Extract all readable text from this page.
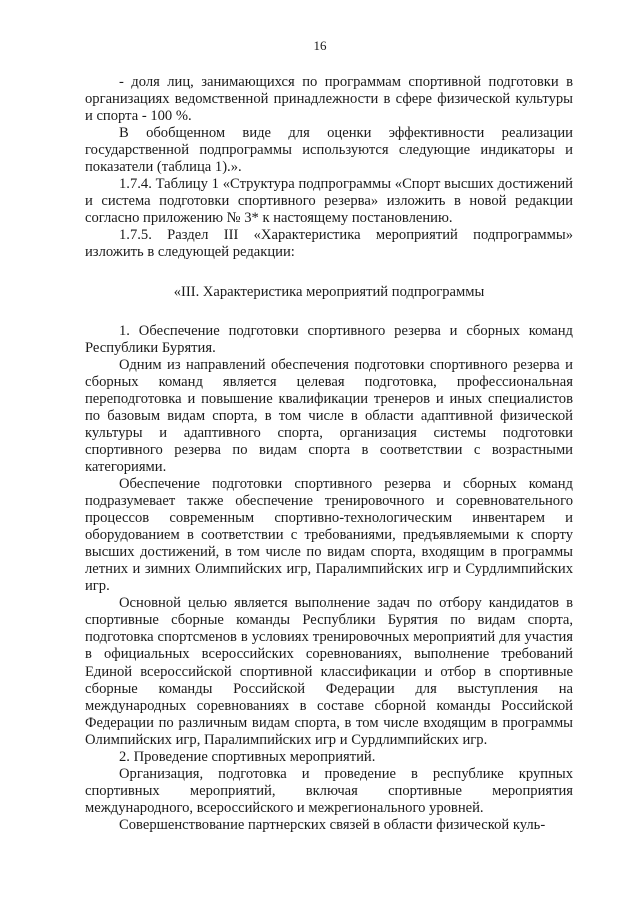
16

- доля лиц, занимающихся по программам спортивной подготовки в организациях ведомственной принадлежности в сфере физической культуры и спорта - 100 %.

В обобщенном виде для оценки эффективности реализации государственной подпрограммы используются следующие индикаторы и показатели (таблица 1).».

1.7.4. Таблицу 1 «Структура подпрограммы «Спорт высших достижений и система подготовки спортивного резерва» изложить в новой редакции согласно приложению № 3* к настоящему постановлению.

1.7.5. Раздел III «Характеристика мероприятий подпрограммы» изложить в следующей редакции:

«III. Характеристика мероприятий подпрограммы

1. Обеспечение подготовки спортивного резерва и сборных команд Республики Бурятия.

Одним из направлений обеспечения подготовки спортивного резерва и сборных команд является целевая подготовка, профессиональная переподготовка и повышение квалификации тренеров и иных специалистов по базовым видам спорта, в том числе в области адаптивной физической культуры и адаптивного спорта, организация системы подготовки спортивного резерва по видам спорта в соответствии с возрастными категориями.

Обеспечение подготовки спортивного резерва и сборных команд подразумевает также обеспечение тренировочного и соревновательного процессов современным спортивно-технологическим инвентарем и оборудованием в соответствии с требованиями, предъявляемыми к спорту высших достижений, в том числе по видам спорта, входящим в программы летних и зимних Олимпийских игр, Паралимпийских игр и Сурдлимпийских игр.

Основной целью является выполнение задач по отбору кандидатов в спортивные сборные команды Республики Бурятия по видам спорта, подготовка спортсменов в условиях тренировочных мероприятий для участия в официальных всероссийских соревнованиях, выполнение требований Единой всероссийской спортивной классификации и отбор в спортивные сборные команды Российской Федерации для выступления на международных соревнованиях в составе сборной команды Российской Федерации по различным видам спорта, в том числе входящим в программы Олимпийских игр, Паралимпийских игр и Сурдлимпийских игр.

2. Проведение спортивных мероприятий.

Организация, подготовка и проведение в республике крупных спортивных мероприятий, включая спортивные мероприятия международного, всероссийского и межрегионального уровней.

Совершенствование партнерских связей в области физической куль-
